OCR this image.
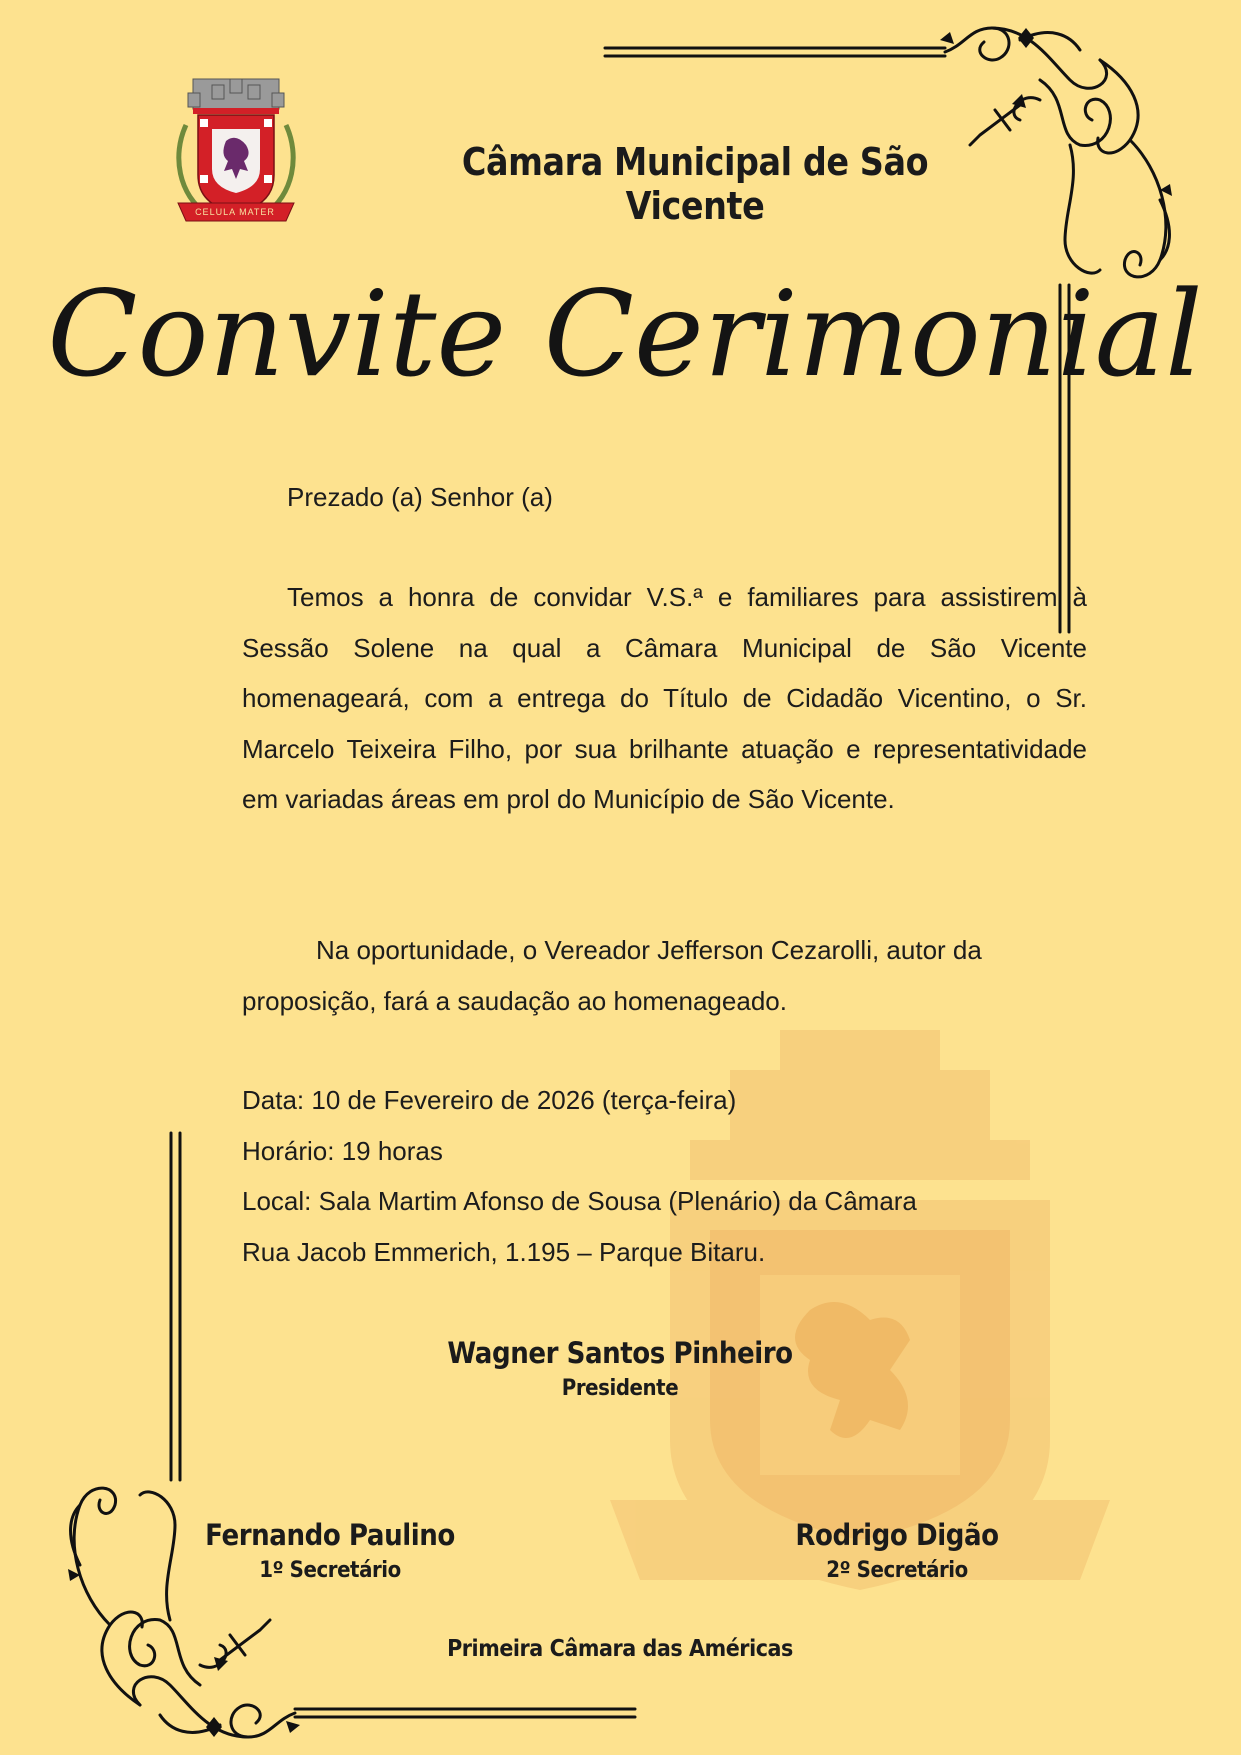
CELULA MATER
Câmara Municipal de São Vicente
Convite Cerimonial
Prezado (a) Senhor (a)
Temos a honra de convidar V.S.ª e familiares para assistirem à Sessão Solene na qual a Câmara Municipal de São Vicente homenageará, com a entrega do Título de Cidadão Vicentino, o Sr. Marcelo Teixeira Filho, por sua brilhante atuação e representatividade em variadas áreas em prol do Município de São Vicente.
Na oportunidade, o Vereador Jefferson Cezarolli, autor da proposição, fará a saudação ao homenageado.
Data: 10 de Fevereiro de 2026 (terça-feira)
Horário: 19 horas
Local: Sala Martim Afonso de Sousa (Plenário) da Câmara
Rua Jacob Emmerich, 1.195 – Parque Bitaru.
Wagner Santos Pinheiro
Presidente
Fernando Paulino
1º Secretário
Rodrigo Digão
2º Secretário
Primeira Câmara das Américas
